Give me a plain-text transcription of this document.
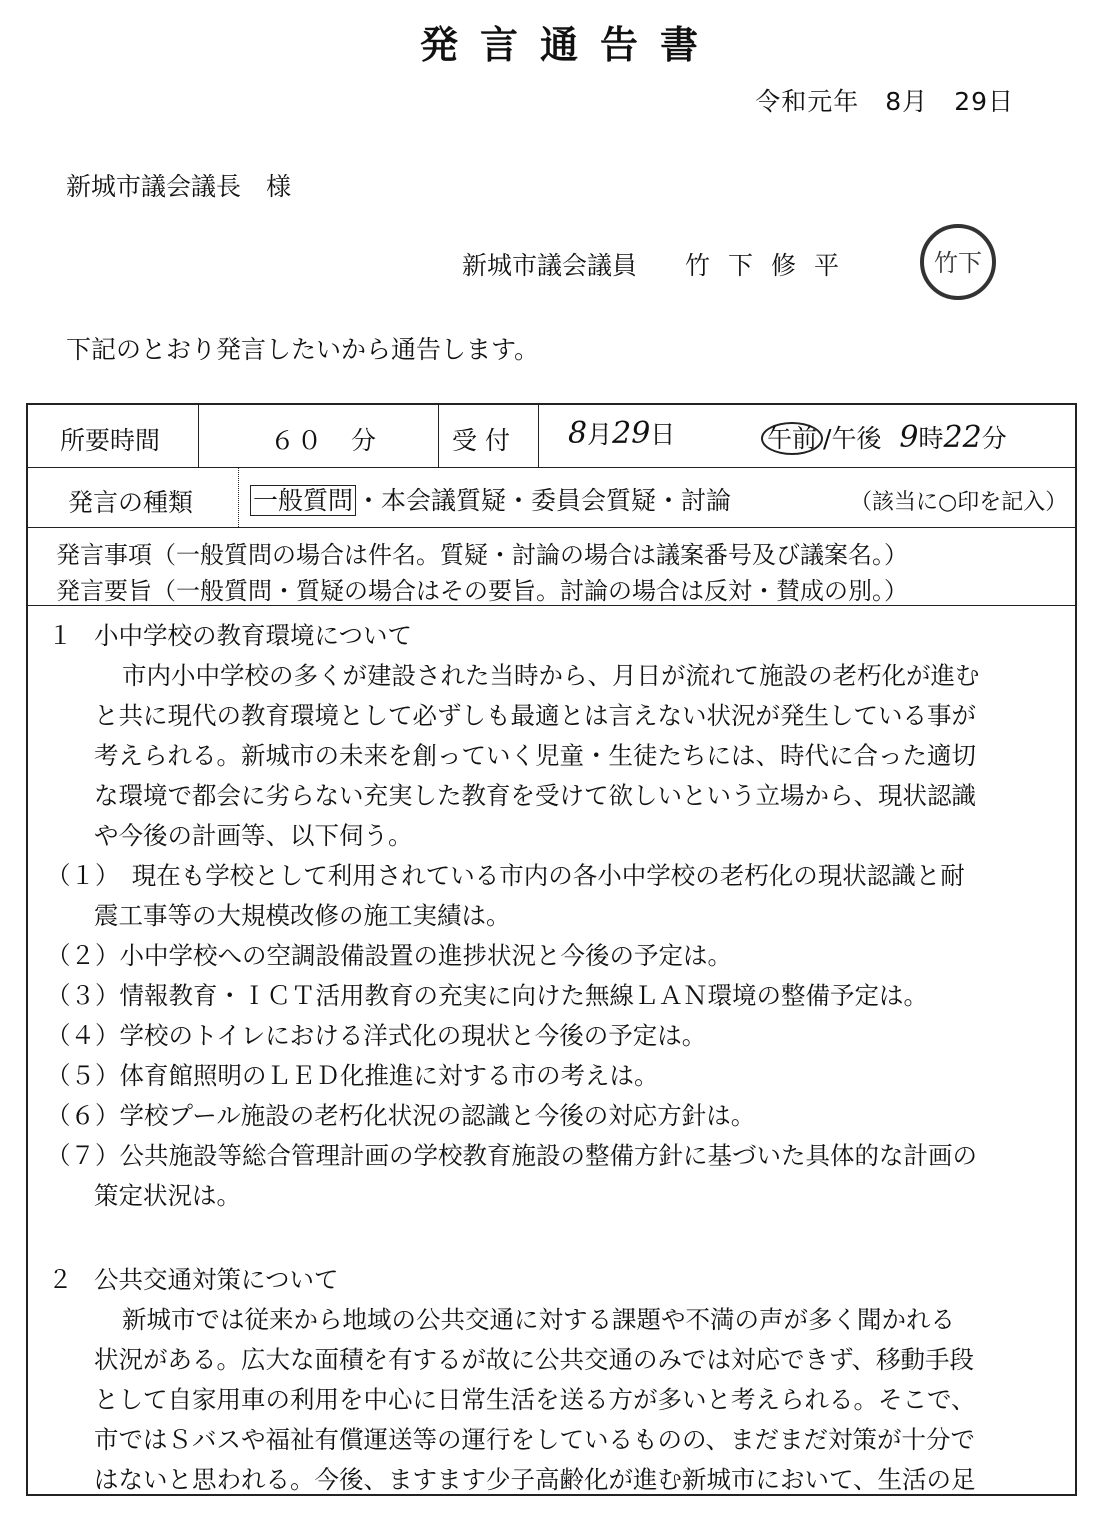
発言通告書
令和元年　8月　29日
新城市議会議長　様
新城市議会議員 竹下修平	竹下
下記のとおり発言したいから通告します。
所要時間	６０　分	受 付 8月29日	午前 /午後 9時22分
発言の種類 一般質問 ・本会議質疑・委員会質疑・討論	（該当に○印を記入）
発言事項（一般質問の場合は件名。質疑・討論の場合は議案番号及び議案名。）
発言要旨（一般質問・質疑の場合はその要旨。討論の場合は反対・賛成の別。）
１ 小中学校の教育環境について
市内小中学校の多くが建設された当時から、月日が流れて施設の老朽化が進む
と共に現代の教育環境として必ずしも最適とは言えない状況が発生している事が
考えられる。新城市の未来を創っていく児童・生徒たちには、時代に合った適切
な環境で都会に劣らない充実した教育を受けて欲しいという立場から、現状認識
や今後の計画等、以下伺う。
（１）　現在も学校として利用されている市内の各小中学校の老朽化の現状認識と耐
震工事等の大規模改修の施工実績は。
（２）小中学校への空調設備設置の進捗状況と今後の予定は。
（３）情報教育・ＩＣＴ活用教育の充実に向けた無線ＬＡＮ環境の整備予定は。
（４）学校のトイレにおける洋式化の現状と今後の予定は。
（５）体育館照明のＬＥＤ化推進に対する市の考えは。
（６）学校プール施設の老朽化状況の認識と今後の対応方針は。
（７）公共施設等総合管理計画の学校教育施設の整備方針に基づいた具体的な計画の
策定状況は。
２ 公共交通対策について
新城市では従来から地域の公共交通に対する課題や不満の声が多く聞かれる
状況がある。広大な面積を有するが故に公共交通のみでは対応できず、移動手段
として自家用車の利用を中心に日常生活を送る方が多いと考えられる。そこで、
市ではＳバスや福祉有償運送等の運行をしているものの、まだまだ対策が十分で
はないと思われる。今後、ますます少子高齢化が進む新城市において、生活の足
